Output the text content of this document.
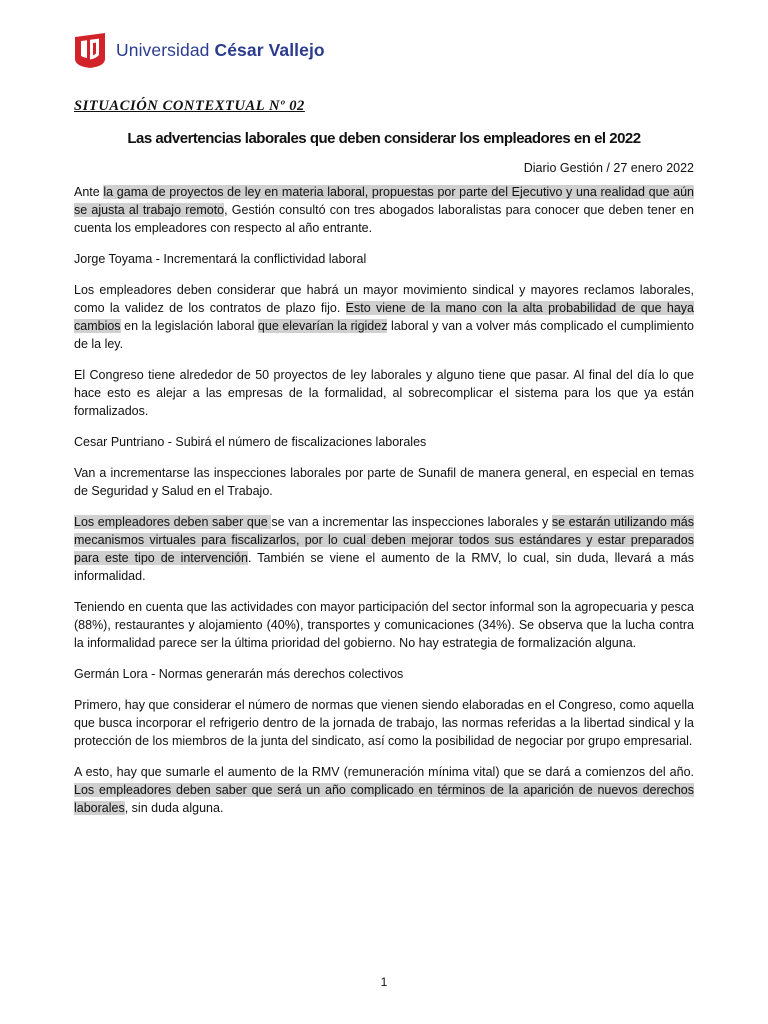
Universidad César Vallejo
SITUACIÓN CONTEXTUAL Nº 02
Las advertencias laborales que deben considerar los empleadores en el 2022
Diario Gestión / 27 enero 2022

Ante la gama de proyectos de ley en materia laboral, propuestas por parte del Ejecutivo y una realidad que aún se ajusta al trabajo remoto, Gestión consultó con tres abogados laboralistas para conocer que deben tener en cuenta los empleadores con respecto al año entrante.

Jorge Toyama - Incrementará la conflictividad laboral

Los empleadores deben considerar que habrá un mayor movimiento sindical y mayores reclamos laborales, como la validez de los contratos de plazo fijo. Esto viene de la mano con la alta probabilidad de que haya cambios en la legislación laboral que elevarían la rigidez laboral y van a volver más complicado el cumplimiento de la ley.

El Congreso tiene alrededor de 50 proyectos de ley laborales y alguno tiene que pasar. Al final del día lo que hace esto es alejar a las empresas de la formalidad, al sobrecomplicar el sistema para los que ya están formalizados.

Cesar Puntriano - Subirá el número de fiscalizaciones laborales

Van a incrementarse las inspecciones laborales por parte de Sunafil de manera general, en especial en temas de Seguridad y Salud en el Trabajo.

Los empleadores deben saber que se van a incrementar las inspecciones laborales y se estarán utilizando más mecanismos virtuales para fiscalizarlos, por lo cual deben mejorar todos sus estándares y estar preparados para este tipo de intervención. También se viene el aumento de la RMV, lo cual, sin duda, llevará a más informalidad.

Teniendo en cuenta que las actividades con mayor participación del sector informal son la agropecuaria y pesca (88%), restaurantes y alojamiento (40%), transportes y comunicaciones (34%). Se observa que la lucha contra la informalidad parece ser la última prioridad del gobierno. No hay estrategia de formalización alguna.

Germán Lora - Normas generarán más derechos colectivos

Primero, hay que considerar el número de normas que vienen siendo elaboradas en el Congreso, como aquella que busca incorporar el refrigerio dentro de la jornada de trabajo, las normas referidas a la libertad sindical y la protección de los miembros de la junta del sindicato, así como la posibilidad de negociar por grupo empresarial.

A esto, hay que sumarle el aumento de la RMV (remuneración mínima vital) que se dará a comienzos del año. Los empleadores deben saber que será un año complicado en términos de la aparición de nuevos derechos laborales, sin duda alguna.

1
